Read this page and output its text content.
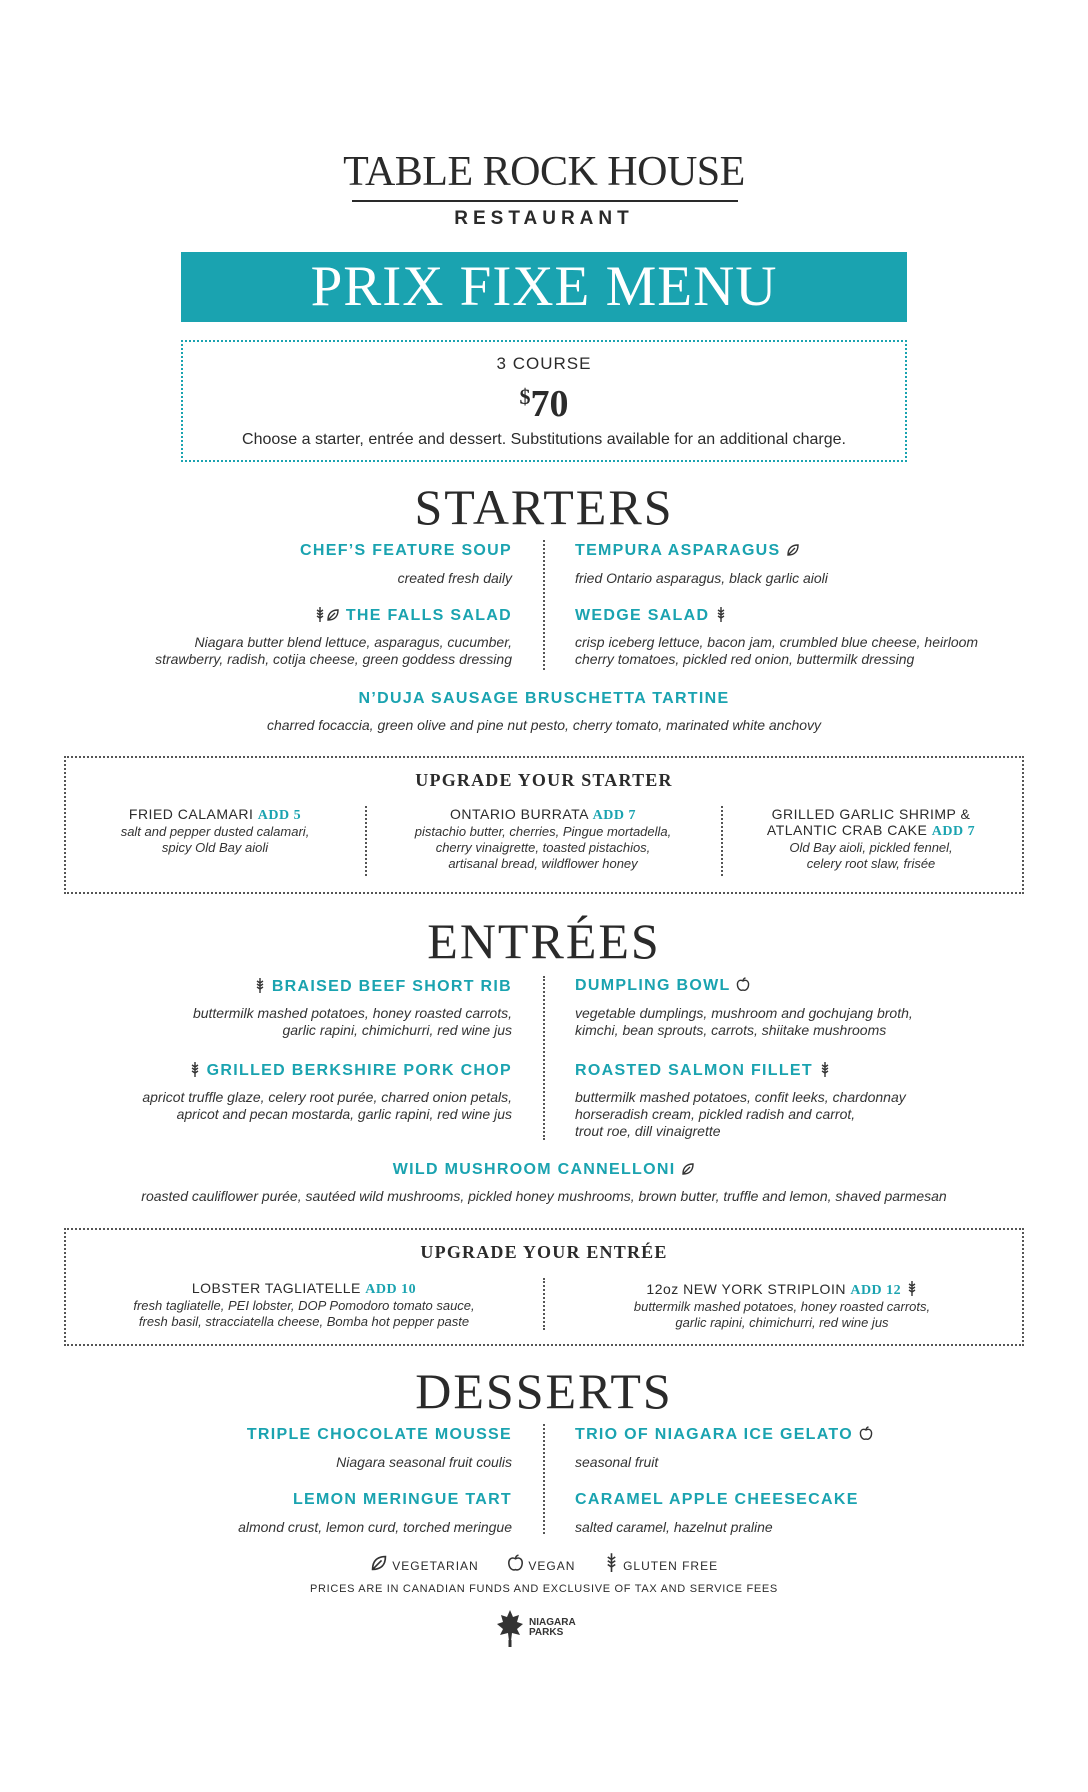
TABLE ROCK HOUSE
RESTAURANT
PRIX FIXE MENU
3 COURSE
$70
Choose a starter, entrée and dessert. Substitutions available for an additional charge.
STARTERS
CHEF’S FEATURE SOUP
created fresh daily
TEMPURA ASPARAGUS
fried Ontario asparagus, black garlic aioli
THE FALLS SALAD
Niagara butter blend lettuce, asparagus, cucumber,
strawberry, radish, cotija cheese, green goddess dressing
WEDGE SALAD
crisp iceberg lettuce, bacon jam, crumbled blue cheese, heirloom
cherry tomatoes, pickled red onion, buttermilk dressing
N’DUJA SAUSAGE BRUSCHETTA TARTINE
charred focaccia, green olive and pine nut pesto, cherry tomato, marinated white anchovy
UPGRADE YOUR STARTER
FRIED CALAMARI ADD 5
salt and pepper dusted calamari,
spicy Old Bay aioli
ONTARIO BURRATA ADD 7
pistachio butter, cherries, Pingue mortadella,
cherry vinaigrette, toasted pistachios,
artisanal bread, wildflower honey
GRILLED GARLIC SHRIMP &
ATLANTIC CRAB CAKE ADD 7
Old Bay aioli, pickled fennel,
celery root slaw, frisée
ENTRÉES
BRAISED BEEF SHORT RIB
buttermilk mashed potatoes, honey roasted carrots,
garlic rapini, chimichurri, red wine jus
DUMPLING BOWL
vegetable dumplings, mushroom and gochujang broth,
kimchi, bean sprouts, carrots, shiitake mushrooms
GRILLED BERKSHIRE PORK CHOP
apricot truffle glaze, celery root purée, charred onion petals,
apricot and pecan mostarda, garlic rapini, red wine jus
ROASTED SALMON FILLET
buttermilk mashed potatoes, confit leeks, chardonnay
horseradish cream, pickled radish and carrot,
trout roe, dill vinaigrette
WILD MUSHROOM CANNELLONI
roasted cauliflower purée, sautéed wild mushrooms, pickled honey mushrooms, brown butter, truffle and lemon, shaved parmesan
UPGRADE YOUR ENTRÉE
LOBSTER TAGLIATELLE ADD 10
fresh tagliatelle, PEI lobster, DOP Pomodoro tomato sauce,
fresh basil, stracciatella cheese, Bomba hot pepper paste
12oz NEW YORK STRIPLOIN ADD 12
buttermilk mashed potatoes, honey roasted carrots,
garlic rapini, chimichurri, red wine jus
DESSERTS
TRIPLE CHOCOLATE MOUSSE
Niagara seasonal fruit coulis
TRIO OF NIAGARA ICE GELATO
seasonal fruit
LEMON MERINGUE TART
almond crust, lemon curd, torched meringue
CARAMEL APPLE CHEESECAKE
salted caramel, hazelnut praline
VEGETARIAN	VEGAN	GLUTEN FREE
PRICES ARE IN CANADIAN FUNDS AND EXCLUSIVE OF TAX AND SERVICE FEES
NIAGARA
PARKS
